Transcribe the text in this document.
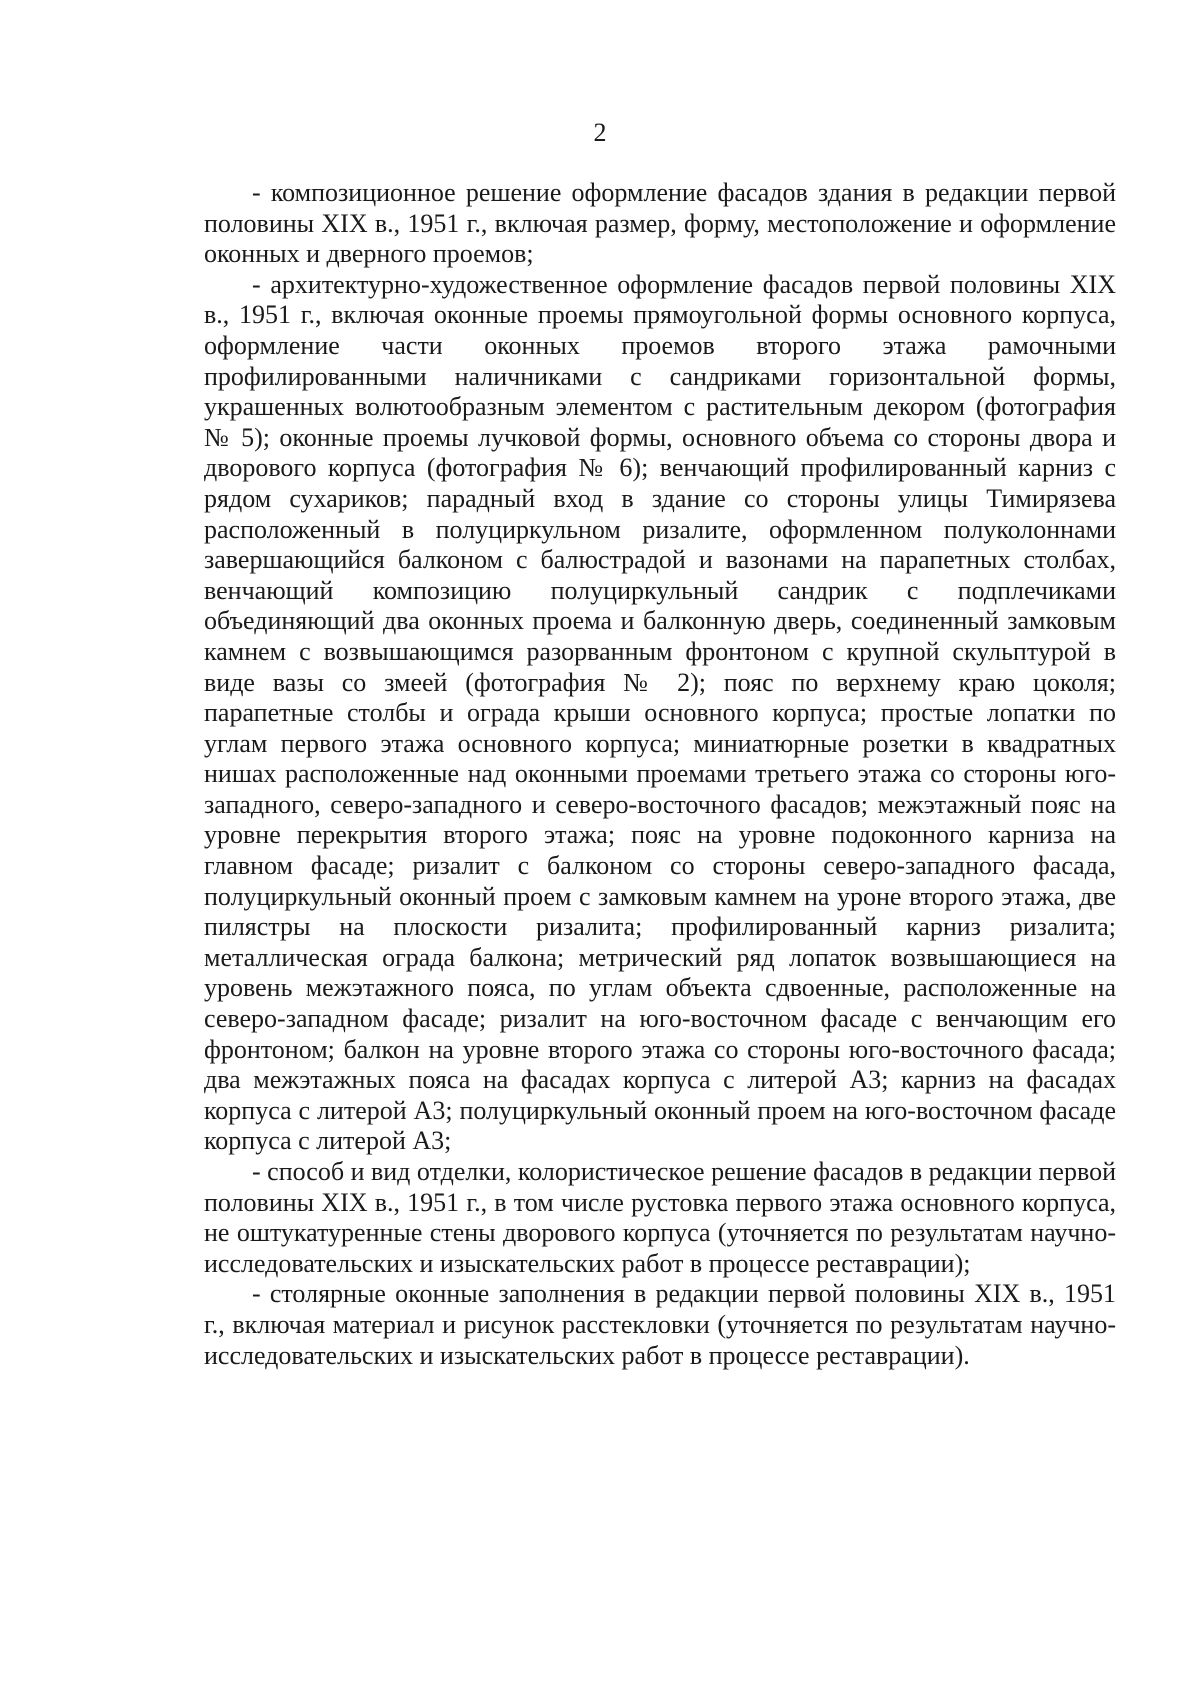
2

- композиционное решение оформление фасадов здания в редакции первой половины XIX в., 1951 г., включая размер, форму, местоположение и оформление оконных и дверного проемов;

- архитектурно-художественное оформление фасадов первой половины XIX в., 1951 г., включая оконные проемы прямоугольной формы основного корпуса, оформление части оконных проемов второго этажа рамочными профилированными наличниками с сандриками горизонтальной формы, украшенных волютообразным элементом с растительным декором (фотография № 5); оконные проемы лучковой формы, основного объема со стороны двора и дворового корпуса (фотография № 6); венчающий профилированный карниз с рядом сухариков; парадный вход в здание со стороны улицы Тимирязева расположенный в полуциркульном ризалите, оформленном полуколоннами завершающийся балконом с балюстрадой и вазонами на парапетных столбах, венчающий композицию полуциркульный сандрик с подплечиками объединяющий два оконных проема и балконную дверь, соединенный замковым камнем с возвышающимся разорванным фронтоном с крупной скульптурой в виде вазы со змеей (фотография № 2); пояс по верхнему краю цоколя; парапетные столбы и ограда крыши основного корпуса; простые лопатки по углам первого этажа основного корпуса; миниатюрные розетки в квадратных нишах расположенные над оконными проемами третьего этажа со стороны юго-западного, северо-западного и северо-восточного фасадов; межэтажный пояс на уровне перекрытия второго этажа; пояс на уровне подоконного карниза на главном фасаде; ризалит с балконом со стороны северо-западного фасада, полуциркульный оконный проем с замковым камнем на уроне второго этажа, две пилястры на плоскости ризалита; профилированный карниз ризалита; металлическая ограда балкона; метрический ряд лопаток возвышающиеся на уровень межэтажного пояса, по углам объекта сдвоенные, расположенные на северо-западном фасаде; ризалит на юго-восточном фасаде с венчающим его фронтоном; балкон на уровне второго этажа со стороны юго-восточного фасада; два межэтажных пояса на фасадах корпуса с литерой А3; карниз на фасадах корпуса с литерой А3; полуциркульный оконный проем на юго-восточном фасаде корпуса с литерой А3;

- способ и вид отделки, колористическое решение фасадов в редакции первой половины XIX в., 1951 г., в том числе рустовка первого этажа основного корпуса, не оштукатуренные стены дворового корпуса (уточняется по результатам научно-исследовательских и изыскательских работ в процессе реставрации);

- столярные оконные заполнения в редакции первой половины XIX в., 1951 г., включая материал и рисунок расстекловки (уточняется по результатам научно-исследовательских и изыскательских работ в процессе реставрации).
